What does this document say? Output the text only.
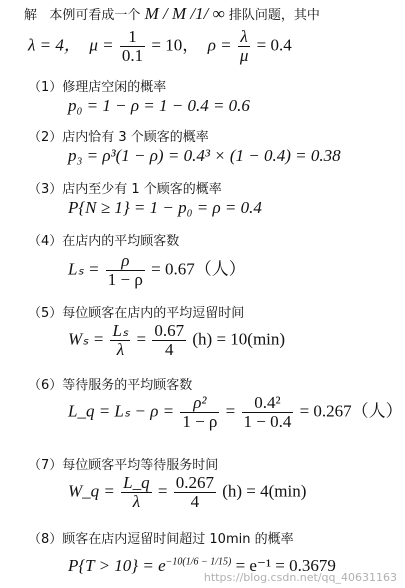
解 本例可看成一个 M / M /1/ ∞ 排队问题，其中
λ = 4， $\mu = \frac{1}{0.1} = 10$， $\rho = \frac{\lambda}{\mu} = 0.4$
（1）修理店空闲的概率
p₀ = 1 − ρ = 1 − 0.4 = 0.6
（2）店内恰有 3 个顾客的概率
p₃ = ρ³(1 − ρ) = 0.4³ × (1 − 0.4) = 0.38
（3）店内至少有 1 个顾客的概率
P{N ≥ 1} = 1 − p₀ = ρ = 0.4
（4）在店内的平均顾客数
$L_s = \frac{\rho}{1 - \rho} = 0.67$（人）
（5）每位顾客在店内的平均逗留时间
$W_s = \frac{\text{Lₛ}}{\lambda} = \frac{0.67}{4} (h) = 10(\min)$
（6）等待服务的平均顾客数
L_q = $L_s - \rho = \frac{\text{ρ²}}{1 - \rho} = \frac{\text{0.4²}}{1 - 0.4} = 0.267$（人）
（7）每位顾客平均等待服务时间
W_q = $\frac{L\_q}{\lambda} = \frac{0.267}{4} (h) = 4(\min)$
（8）顾客在店内逗留时间超过 10min 的概率
$P\{T > 10\} = e^{-10(1/6 - 1/15)} = e^{-1} = 0.3679$
https://blog.csdn.net/qq_40631163
